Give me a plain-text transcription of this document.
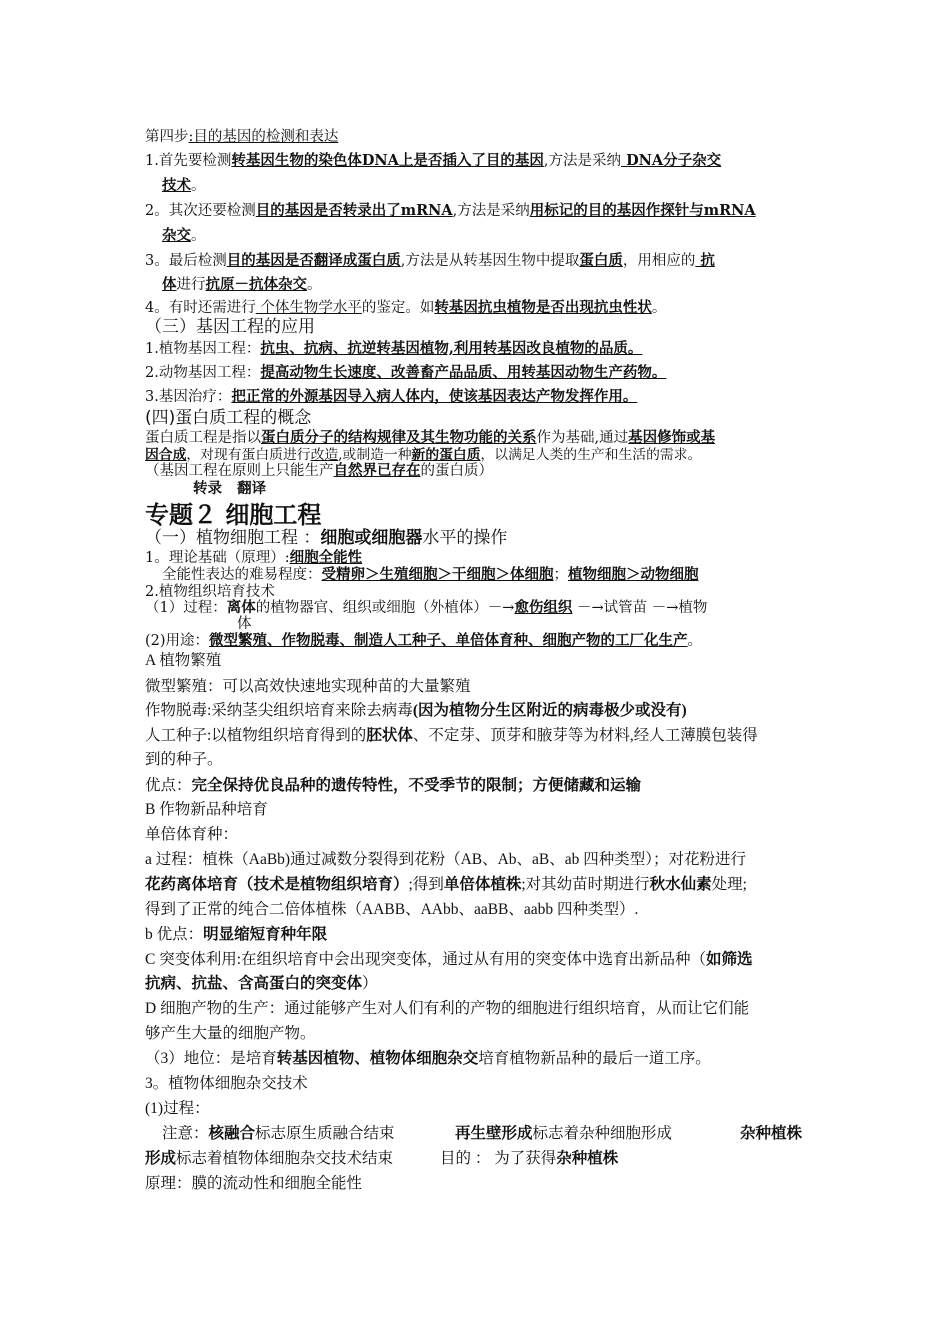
第四步:目的基因的检测和表达
1.首先要检测转基因生物的染色体DNA上是否插入了目的基因,方法是采纳 DNA分子杂交
技术。
2。其次还要检测目的基因是否转录出了mRNA,方法是采纳用标记的目的基因作探针与mRNA
杂交。
3。最后检测目的基因是否翻译成蛋白质,方法是从转基因生物中提取蛋白质，用相应的 抗
体进行抗原－抗体杂交。
4。有时还需进行 个体生物学水平的鉴定。如转基因抗虫植物是否出现抗虫性状。
（三）基因工程的应用
1.植物基因工程：抗虫、抗病、抗逆转基因植物,利用转基因改良植物的品质。
2.动物基因工程：提高动物生长速度、改善畜产品品质、用转基因动物生产药物。
3.基因治疗：把正常的外源基因导入病人体内，使该基因表达产物发挥作用。
(四)蛋白质工程的概念
蛋白质工程是指以蛋白质分子的结构规律及其生物功能的关系作为基础,通过基因修饰或基
因合成，对现有蛋白质进行改造,或制造一种新的蛋白质，以满足人类的生产和生活的需求。
（基因工程在原则上只能生产自然界已存在的蛋白质）
转录   翻译
专题２ 细胞工程
（一）植物细胞工程 ：细胞或细胞器水平的操作
1。理论基础（原理）:细胞全能性
全能性表达的难易程度：受精卵＞生殖细胞＞干细胞＞体细胞；植物细胞＞动物细胞
2.植物组织培育技术
（1）过程：离体的植物器官、组织或细胞（外植体）－→愈伤组织 －→试管苗 －→植物
体
(2)用途：微型繁殖、作物脱毒、制造人工种子、单倍体育种、细胞产物的工厂化生产。
A 植物繁殖
微型繁殖：可以高效快速地实现种苗的大量繁殖
作物脱毒:采纳茎尖组织培育来除去病毒(因为植物分生区附近的病毒极少或没有)
人工种子:以植物组织培育得到的胚状体、不定芽、顶芽和腋芽等为材料,经人工薄膜包装得
到的种子。
优点：完全保持优良品种的遗传特性，不受季节的限制；方便储藏和运输
B 作物新品种培育
单倍体育种：
a 过程：植株（AaBb)通过减数分裂得到花粉（AB、Ab、aB、ab 四种类型）；对花粉进行
花药离体培育（技术是植物组织培育）;得到单倍体植株;对其幼苗时期进行秋水仙素处理;
得到了正常的纯合二倍体植株（AABB、AAbb、aaBB、aabb 四种类型）.
b 优点：明显缩短育种年限
C 突变体利用:在组织培育中会出现突变体，通过从有用的突变体中选育出新品种（如筛选
抗病、抗盐、含高蛋白的突变体）
D 细胞产物的生产：通过能够产生对人们有利的产物的细胞进行组织培育，从而让它们能
够产生大量的细胞产物。
（3）地位：是培育转基因植物、植物体细胞杂交培育植物新品种的最后一道工序。
3。植物体细胞杂交技术
(1)过程：
注意：核融合标志原生质融合结束	再生壁形成标志着杂种细胞形成	杂种植株
形成标志着植物体细胞杂交技术结束	目的 ： 为了获得杂种植株
原理：膜的流动性和细胞全能性
